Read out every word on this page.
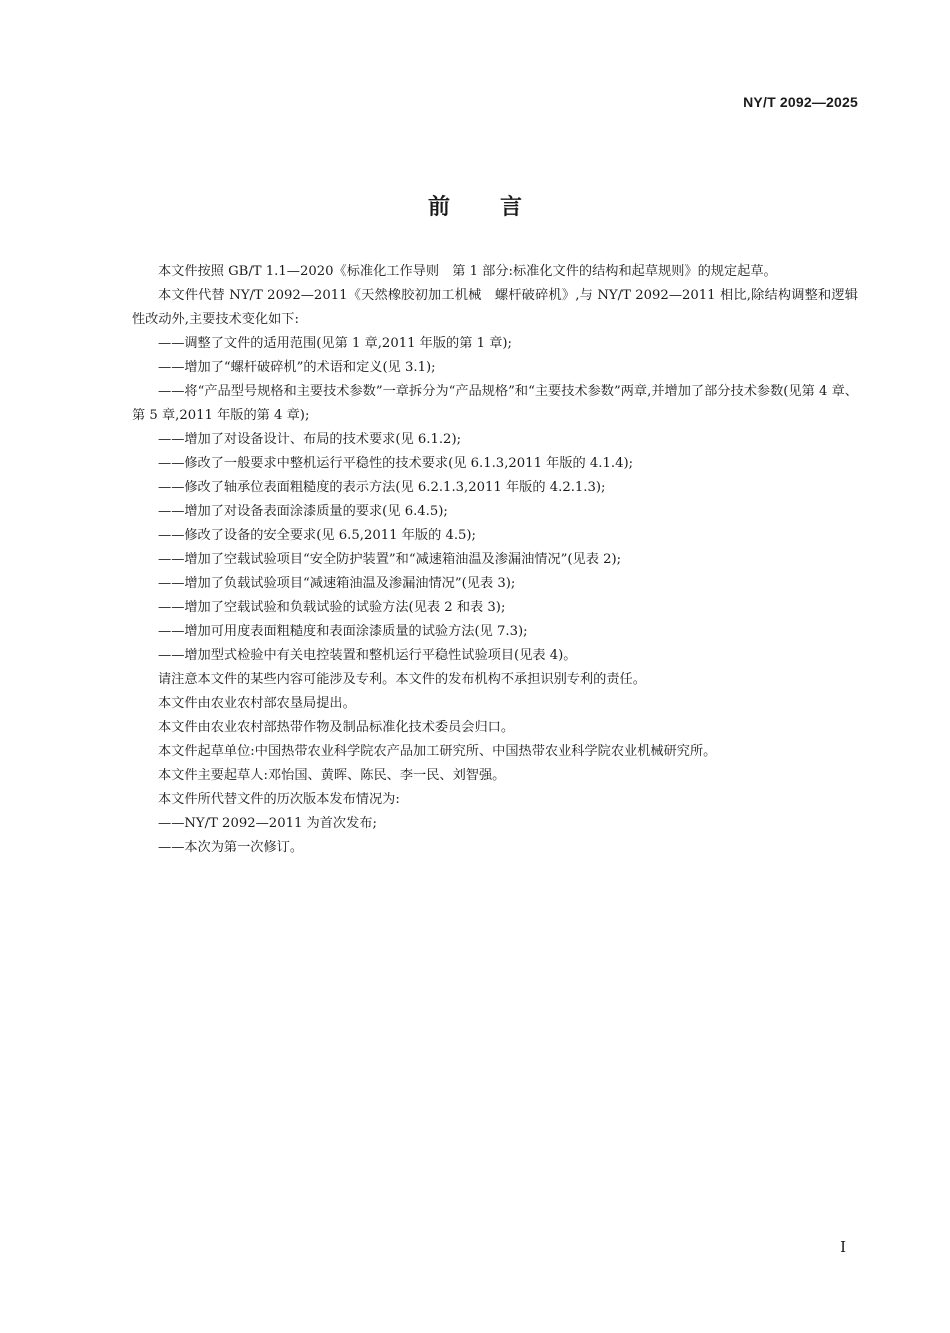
NY/T 2092—2025
前 言

本文件按照 GB/T 1.1—2020《标准化工作导则　第 1 部分:标准化文件的结构和起草规则》的规定起草。

本文件代替 NY/T 2092—2011《天然橡胶初加工机械　螺杆破碎机》,与 NY/T 2092—2011 相比,除结构调整和逻辑性改动外,主要技术变化如下:

——调整了文件的适用范围(见第 1 章,2011 年版的第 1 章);

——增加了“螺杆破碎机”的术语和定义(见 3.1);

——将“产品型号规格和主要技术参数”一章拆分为“产品规格”和“主要技术参数”两章,并增加了部分技术参数(见第 4 章、第 5 章,2011 年版的第 4 章);

——增加了对设备设计、布局的技术要求(见 6.1.2);

——修改了一般要求中整机运行平稳性的技术要求(见 6.1.3,2011 年版的 4.1.4);

——修改了轴承位表面粗糙度的表示方法(见 6.2.1.3,2011 年版的 4.2.1.3);

——增加了对设备表面涂漆质量的要求(见 6.4.5);

——修改了设备的安全要求(见 6.5,2011 年版的 4.5);

——增加了空载试验项目“安全防护装置”和“减速箱油温及渗漏油情况”(见表 2);

——增加了负载试验项目“减速箱油温及渗漏油情况”(见表 3);

——增加了空载试验和负载试验的试验方法(见表 2 和表 3);

——增加可用度表面粗糙度和表面涂漆质量的试验方法(见 7.3);

——增加型式检验中有关电控装置和整机运行平稳性试验项目(见表 4)。

请注意本文件的某些内容可能涉及专利。本文件的发布机构不承担识别专利的责任。

本文件由农业农村部农垦局提出。

本文件由农业农村部热带作物及制品标准化技术委员会归口。

本文件起草单位:中国热带农业科学院农产品加工研究所、中国热带农业科学院农业机械研究所。

本文件主要起草人:邓怡国、黄晖、陈民、李一民、刘智强。

本文件所代替文件的历次版本发布情况为:

——NY/T 2092—2011 为首次发布;

——本次为第一次修订。

I
